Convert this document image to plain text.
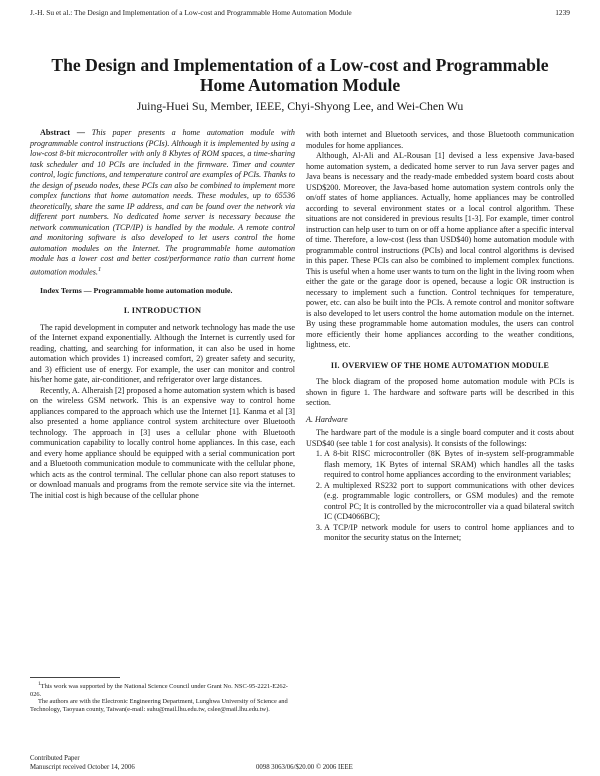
J.-H. Su et al.: The Design and Implementation of a Low-cost and Programmable Home Automation Module	1239
The Design and Implementation of a Low-cost and Programmable Home Automation Module
Juing-Huei Su, Member, IEEE, Chyi-Shyong Lee, and Wei-Chen Wu

Abstract — This paper presents a home automation module with programmable control instructions (PCIs). Although it is implemented by using a low-cost 8-bit microcontroller with only 8 Kbytes of ROM spaces, a time-sharing task scheduler and 10 PCIs are included in the firmware. Timer and counter control, logic functions, and temperature control are examples of PCIs. Thanks to the design of pseudo nodes, these PCIs can also be combined to implement more complex functions that home automation needs. These modules, up to 65536 theoretically, share the same IP address, and can be found over the network via different port numbers. No dedicated home server is necessary because the network communication (TCP/IP) is handled by the module. A remote control and monitoring software is also developed to let users control the home automation modules on the Internet. The programmable home automation module has a lower cost and better cost/performance ratio than current home automation modules.$^1$

Index Terms — Programmable home automation module.

I. INTRODUCTION

The rapid development in computer and network technology has made the use of the Internet expand exponentially. Although the Internet is currently used for reading, chatting, and searching for information, it can also be used in home automation which provides 1) increased comfort, 2) greater safety and security, and 3) efficient use of energy. For example, the user can monitor and control his/her home gate, air-conditioner, and refrigerator over large distances.

Recently, A. Alheraish [2] proposed a home automation system which is based on the wireless GSM network. This is an expensive way to control home appliances compared to the approach which use the Internet [1]. Kanma et al [3] also presented a home appliance control system architecture over Bluetooth technology. The approach in [3] uses a cellular phone with Bluetooth communication capability to locally control home appliances. In this case, each and every home appliance should be equipped with a serial communication port and a Bluetooth communication module to communicate with the cellular phone, which acts as the control terminal. The cellular phone can also report statuses to or download manuals and programs from the remote service site via the internet. The initial cost is high because of the cellular phone

with both internet and Bluetooth services, and those Bluetooth communication modules for home appliances.

Although, Al-Ali and AL-Rousan [1] devised a less expensive Java-based home automation system, a dedicated home server to run Java server pages and Java beans is necessary and the ready-made embedded system board costs about USD$200. Moreover, the Java-based home automation system controls only the on/off states of home appliances. Actually, home appliances may be controlled according to several environment states or a local control algorithm. These situations are not considered in previous results [1-3]. For example, timer control instruction can help user to turn on or off a home appliance after a specific interval of time. Therefore, a low-cost (less than USD$40) home automation module with programmable control instructions (PCIs) and local control algorithms is devised in this paper. These PCIs can also be combined to implement complex functions. This is useful when a home user wants to turn on the light in the living room when either the gate or the garage door is opened, because a logic OR instruction is necessary to implement such a function. Control techniques for temperature, power, etc. can also be built into the PCIs. A remote control and monitor software is also developed to let users control the home automation module on the internet. By using these programmable home automation modules, the users can control more efficiently their home appliances according to the weather conditions, lightness, etc.

II. OVERVIEW OF THE HOME AUTOMATION MODULE

The block diagram of the proposed home automation module with PCIs is shown in figure 1. The hardware and software parts will be described in this section.

A. Hardware

The hardware part of the module is a single board computer and it costs about USD$40 (see table 1 for cost analysis). It consists of the followings:

1. A 8-bit RISC microcontroller (8K Bytes of in-system self-programmable flash memory, 1K Bytes of internal SRAM) which handles all the tasks required to control home appliances according to the environment variables;
2. A multiplexed RS232 port to support communications with other devices (e.g. programmable logic controllers, or GSM modules) and the remote control PC; It is controlled by the microcontroller via a quad bilateral switch IC (CD4066BC);
3. A TCP/IP network module for users to control home appliances and to monitor the security status on the Internet;

$^1$This work was supported by the National Science Council under Grant No. NSC-95-2221-E262-026.

The authors are with the Electronic Engineering Department, Lunghwa University of Science and Technology, Taoyuan county, Taiwan(e-mail: suhu@mail.lhu.edu.tw, cslee@mail.lhu.edu.tw).

Contributed Paper
Manuscript received October 14, 2006	0098 3063/06/$20.00 © 2006 IEEE
